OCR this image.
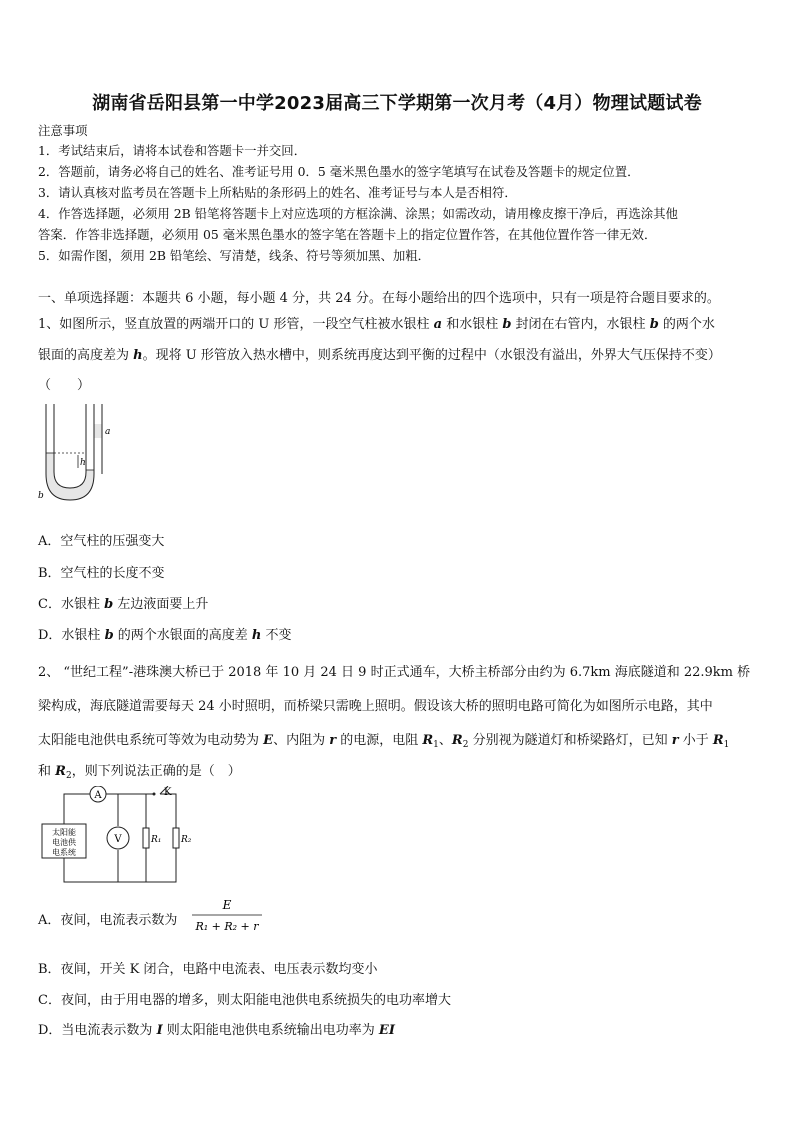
湖南省岳阳县第一中学2023届高三下学期第一次月考（4月）物理试题试卷
注意事项
1．考试结束后，请将本试卷和答题卡一并交回．
2．答题前，请务必将自己的姓名、准考证号用 0．5 毫米黑色墨水的签字笔填写在试卷及答题卡的规定位置．
3．请认真核对监考员在答题卡上所粘贴的条形码上的姓名、准考证号与本人是否相符．
4．作答选择题，必须用 2B 铅笔将答题卡上对应选项的方框涂满、涂黑；如需改动，请用橡皮擦干净后，再选涂其他
答案．作答非选择题，必须用 05 毫米黑色墨水的签字笔在答题卡上的指定位置作答，在其他位置作答一律无效．
5．如需作图，须用 2B 铅笔绘、写清楚，线条、符号等须加黑、加粗．
一、单项选择题：本题共 6 小题，每小题 4 分，共 24 分。在每小题给出的四个选项中，只有一项是符合题目要求的。
1、如图所示，竖直放置的两端开口的 U 形管，一段空气柱被水银柱 a 和水银柱 b 封闭在右管内，水银柱 b 的两个水
银面的高度差为 h。现将 U 形管放入热水槽中，则系统再度达到平衡的过程中（水银没有溢出，外界大气压保持不变）
（　　）
a
h
b
A．空气柱的压强变大
B．空气柱的长度不变
C．水银柱 b 左边液面要上升
D．水银柱 b 的两个水银面的高度差 h 不变
2、 “世纪工程”-港珠澳大桥已于 2018 年 10 月 24 日 9 时正式通车，大桥主桥部分由约为 6.7km 海底隧道和 22.9km 桥
梁构成，海底隧道需要每天 24 小时照明，而桥梁只需晚上照明。假设该大桥的照明电路可简化为如图所示电路，其中
太阳能电池供电系统可等效为电动势为 E、内阻为 r 的电源，电阻 $R_1$、$R_2$ 分别视为隧道灯和桥梁路灯，已知 r 小于 $R_1$
和 $R_2$，则下列说法正确的是（　）
K
太阳能
电池供
电系统
A
V	R₁ R₂
A．夜间，电流表示数为
E
R₁ + R₂ + r
B．夜间，开关 K 闭合，电路中电流表、电压表示数均变小
C．夜间，由于用电器的增多，则太阳能电池供电系统损失的电功率增大
D．当电流表示数为 I 则太阳能电池供电系统输出电功率为 EI
